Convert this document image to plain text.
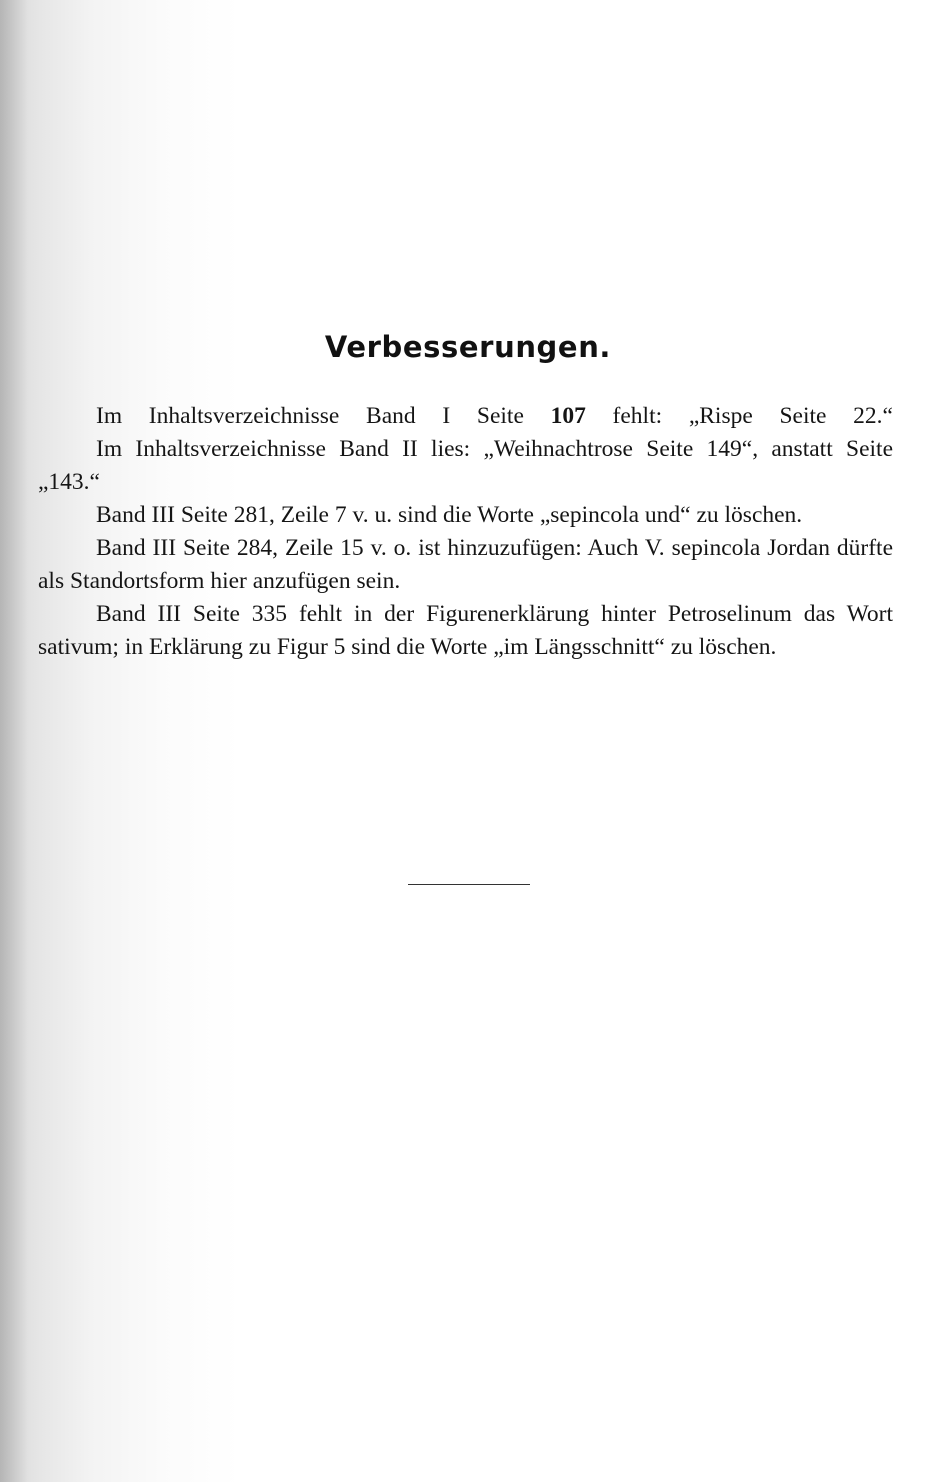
Verbesserungen.

Im Inhaltsverzeichnisse Band I Seite 107 fehlt: „Rispe Seite 22.“

Im Inhaltsverzeichnisse Band II lies: „Weihnachtrose Seite 149“, anstatt Seite „143.“

Band III Seite 281, Zeile 7 v. u. sind die Worte „sepincola und“ zu löschen.

Band III Seite 284, Zeile 15 v. o. ist hinzuzufügen: Auch V. sepincola Jordan dürfte als Standortsform hier anzufügen sein.

Band III Seite 335 fehlt in der Figurenerklärung hinter Petroselinum das Wort sativum; in Erklärung zu Figur 5 sind die Worte „im Längsschnitt“ zu löschen.
